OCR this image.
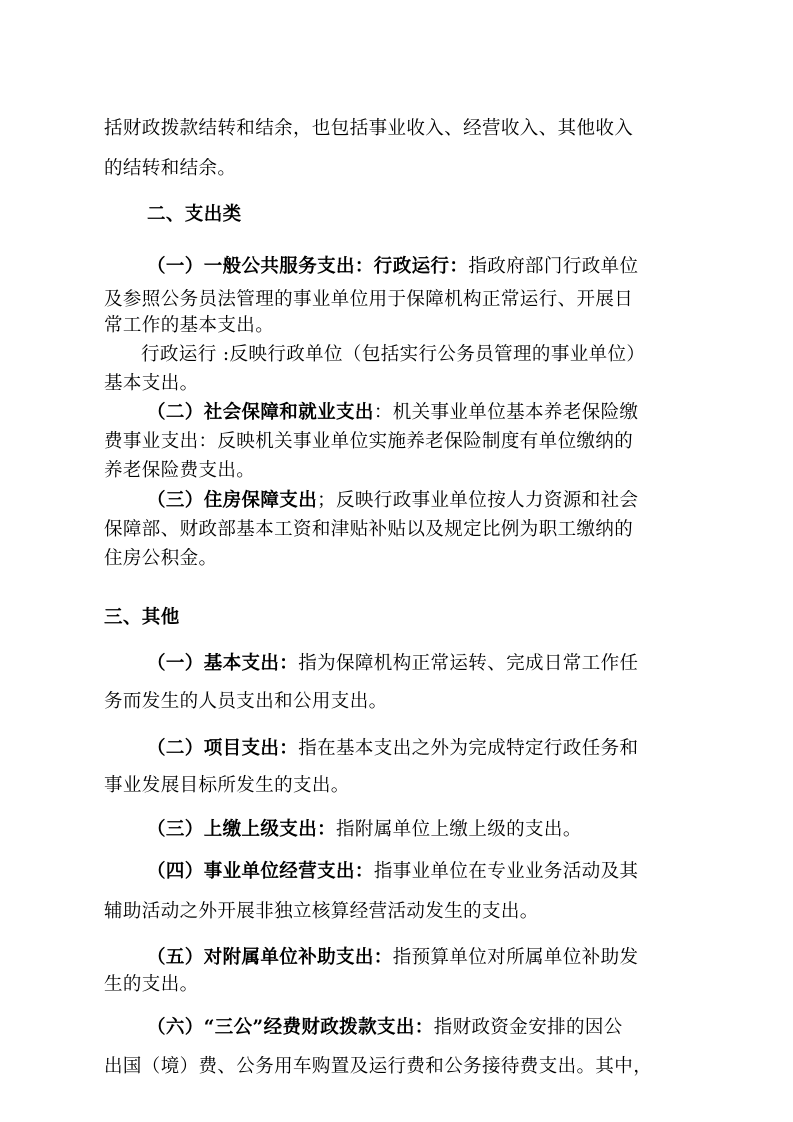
括财政拨款结转和结余，也包括事业收入、经营收入、其他收入
的结转和结余。
二、支出类
（一）一般公共服务支出：行政运行：指政府部门行政单位
及参照公务员法管理的事业单位用于保障机构正常运行、开展日
常工作的基本支出。
行政运行 :反映行政单位（包括实行公务员管理的事业单位）
基本支出。
（二）社会保障和就业支出：机关事业单位基本养老保险缴
费事业支出：反映机关事业单位实施养老保险制度有单位缴纳的
养老保险费支出。
（三）住房保障支出；反映行政事业单位按人力资源和社会
保障部、财政部基本工资和津贴补贴以及规定比例为职工缴纳的
住房公积金。
三、其他
（一）基本支出：指为保障机构正常运转、完成日常工作任
务而发生的人员支出和公用支出。
（二）项目支出：指在基本支出之外为完成特定行政任务和
事业发展目标所发生的支出。
（三）上缴上级支出：指附属单位上缴上级的支出。
（四）事业单位经营支出：指事业单位在专业业务活动及其
辅助活动之外开展非独立核算经营活动发生的支出。
（五）对附属单位补助支出：指预算单位对所属单位补助发
生的支出。
（六）“三公”经费财政拨款支出：指财政资金安排的因公
出国（境）费、公务用车购置及运行费和公务接待费支出。其中，
